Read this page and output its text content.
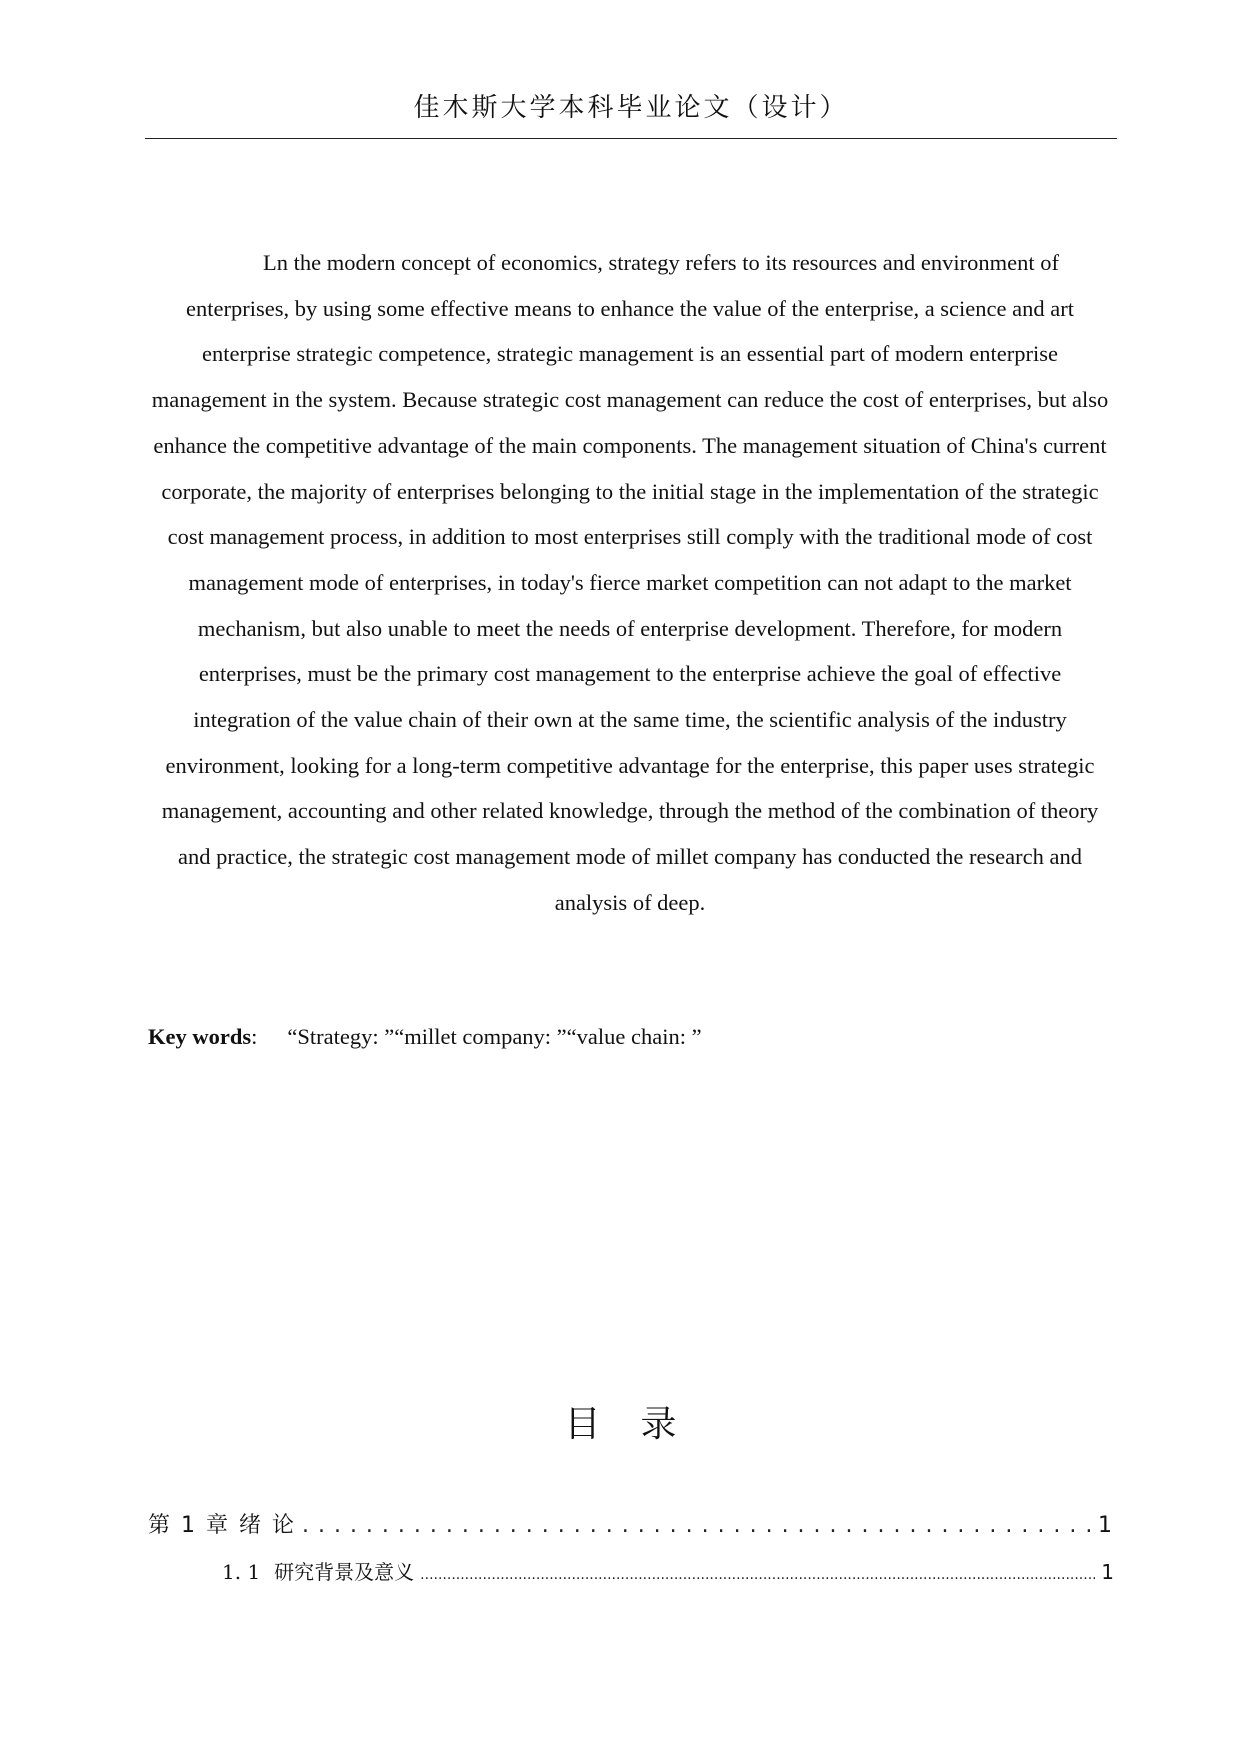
佳木斯大学本科毕业论文（设计）

Ln the modern concept of economics, strategy refers to its resources and environment of enterprises, by using some effective means to enhance the value of the enterprise, a science and art enterprise strategic competence, strategic management is an essential part of modern enterprise management in the system. Because strategic cost management can reduce the cost of enterprises, but also enhance the competitive advantage of the main components. The management situation of China's current corporate, the majority of enterprises belonging to the initial stage in the implementation of the strategic cost management process, in addition to most enterprises still comply with the traditional mode of cost management mode of enterprises, in today's fierce market competition can not adapt to the market mechanism, but also unable to meet the needs of enterprise development. Therefore, for modern enterprises, must be the primary cost management to the enterprise achieve the goal of effective integration of the value chain of their own at the same time, the scientific analysis of the industry environment, looking for a long-term competitive advantage for the enterprise, this paper uses strategic management, accounting and other related knowledge, through the method of the combination of theory and practice, the strategic cost management mode of millet company has conducted the research and analysis of deep.

Key words: “Strategy: ”“millet company: ”“value chain: ”
目 录
第 1 章 绪 论 . . .	1
1. 1 研究背景及意义 .....	1
